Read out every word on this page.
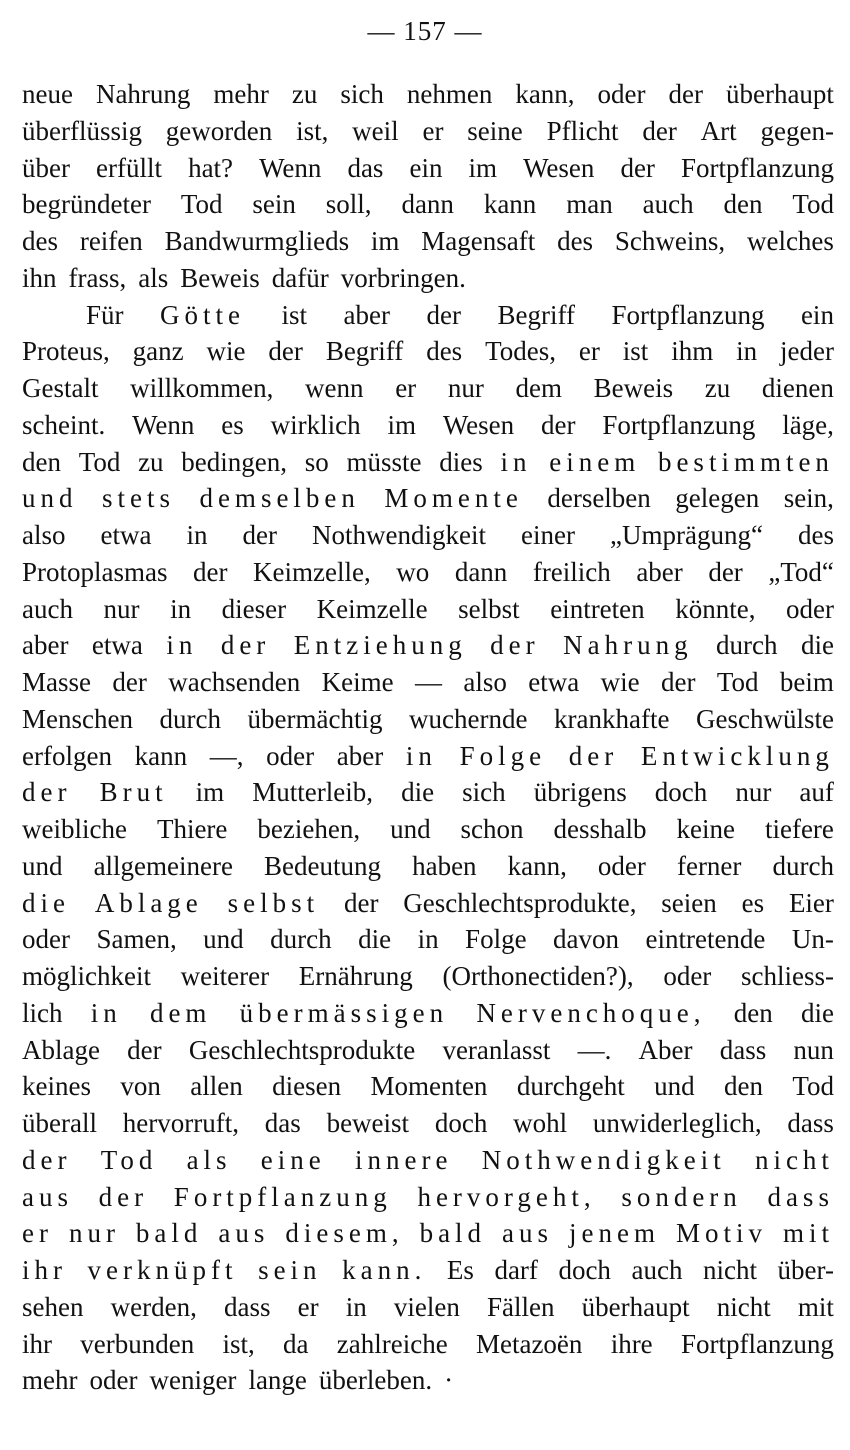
— 157 —
neue Nahrung mehr zu sich nehmen kann, oder der überhaupt
überflüssig geworden ist, weil er seine Pflicht der Art gegen-
über erfüllt hat? Wenn das ein im Wesen der Fortpflanzung
begründeter Tod sein soll, dann kann man auch den Tod
des reifen Bandwurmglieds im Magensaft des Schweins, welches
ihn frass, als Beweis dafür vorbringen.
Für Götte ist aber der Begriff Fortpflanzung ein
Proteus, ganz wie der Begriff des Todes, er ist ihm in jeder
Gestalt willkommen, wenn er nur dem Beweis zu dienen
scheint. Wenn es wirklich im Wesen der Fortpflanzung läge,
den Tod zu bedingen, so müsste dies in einem bestimmten
und stets demselben Momente derselben gelegen sein,
also etwa in der Nothwendigkeit einer „Umprägung“ des
Protoplasmas der Keimzelle, wo dann freilich aber der „Tod“
auch nur in dieser Keimzelle selbst eintreten könnte, oder
aber etwa in der Entziehung der Nahrung durch die
Masse der wachsenden Keime — also etwa wie der Tod beim
Menschen durch übermächtig wuchernde krankhafte Geschwülste
erfolgen kann —, oder aber in Folge der Entwicklung
der Brut im Mutterleib, die sich übrigens doch nur auf
weibliche Thiere beziehen, und schon desshalb keine tiefere
und allgemeinere Bedeutung haben kann, oder ferner durch
die Ablage selbst der Geschlechtsprodukte, seien es Eier
oder Samen, und durch die in Folge davon eintretende Un-
möglichkeit weiterer Ernährung (Orthonectiden?), oder schliess-
lich in dem übermässigen Nervenchoque, den die
Ablage der Geschlechtsprodukte veranlasst —. Aber dass nun
keines von allen diesen Momenten durchgeht und den Tod
überall hervorruft, das beweist doch wohl unwiderleglich, dass
der Tod als eine innere Nothwendigkeit nicht
aus der Fortpflanzung hervorgeht, sondern dass
er nur bald aus diesem, bald aus jenem Motiv mit
ihr verknüpft sein kann. Es darf doch auch nicht über-
sehen werden, dass er in vielen Fällen überhaupt nicht mit
ihr verbunden ist, da zahlreiche Metazoën ihre Fortpflanzung
mehr oder weniger lange überleben. ·
